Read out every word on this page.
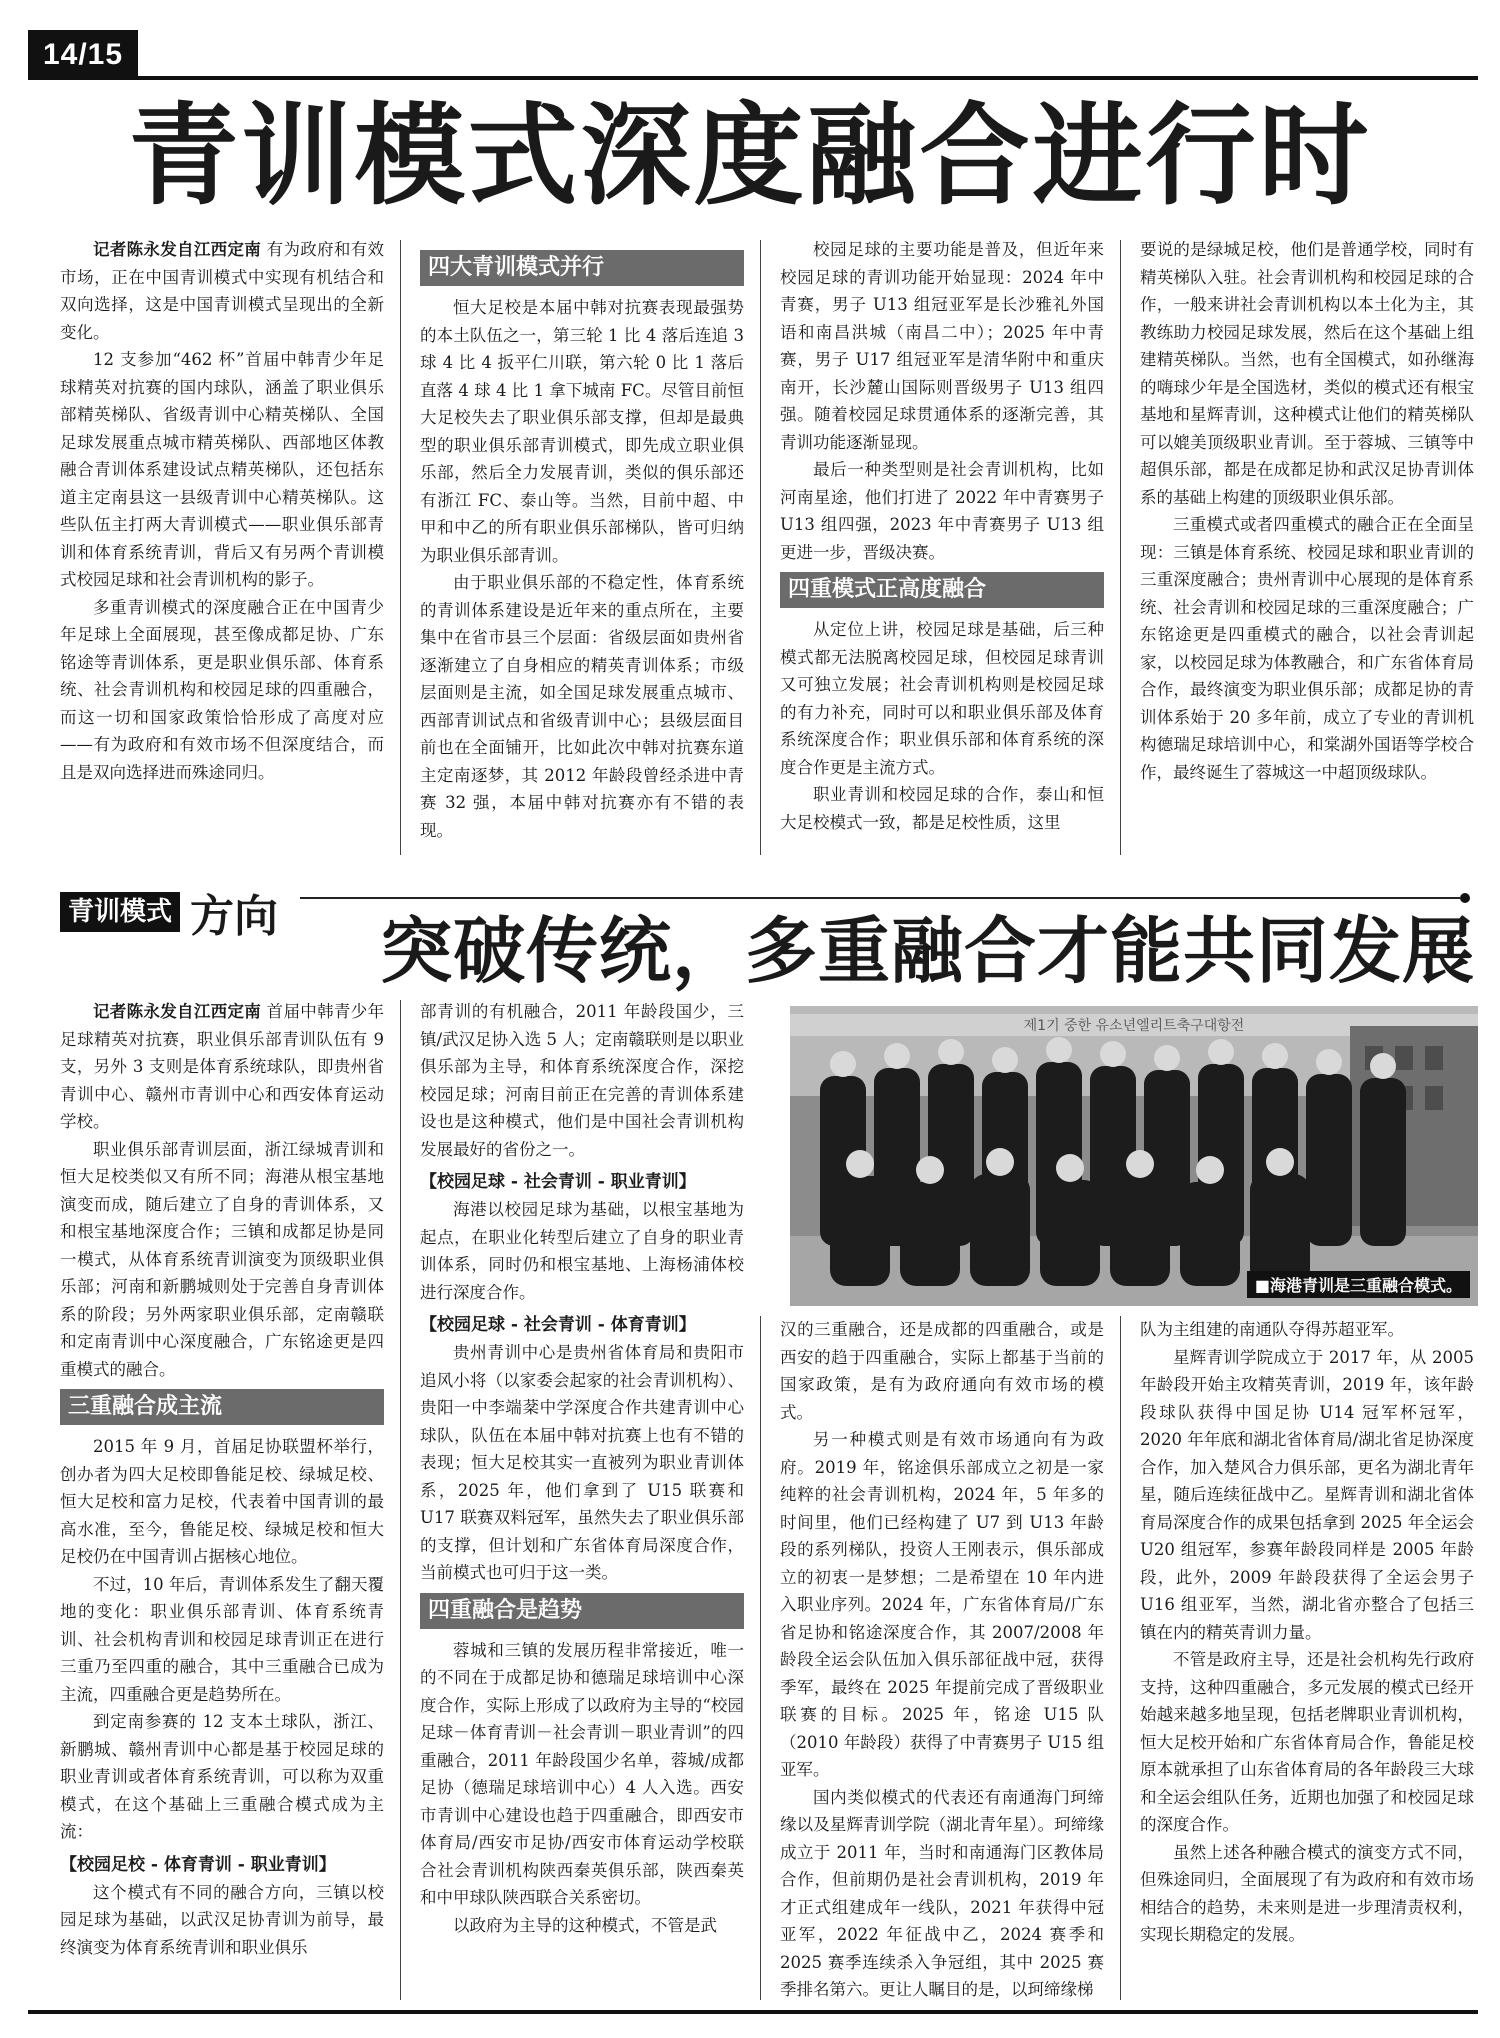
14/15
青训模式深度融合进行时

记者陈永发自江西定南 有为政府和有效市场，正在中国青训模式中实现有机结合和双向选择，这是中国青训模式呈现出的全新变化。

12 支参加“462 杯”首届中韩青少年足球精英对抗赛的国内球队，涵盖了职业俱乐部精英梯队、省级青训中心精英梯队、全国足球发展重点城市精英梯队、西部地区体教融合青训体系建设试点精英梯队，还包括东道主定南县这一县级青训中心精英梯队。这些队伍主打两大青训模式——职业俱乐部青训和体育系统青训，背后又有另两个青训模式校园足球和社会青训机构的影子。

多重青训模式的深度融合正在中国青少年足球上全面展现，甚至像成都足协、广东铭途等青训体系，更是职业俱乐部、体育系统、社会青训机构和校园足球的四重融合，而这一切和国家政策恰恰形成了高度对应——有为政府和有效市场不但深度结合，而且是双向选择进而殊途同归。

四大青训模式并行

恒大足校是本届中韩对抗赛表现最强势的本土队伍之一，第三轮 1 比 4 落后连追 3 球 4 比 4 扳平仁川联，第六轮 0 比 1 落后直落 4 球 4 比 1 拿下城南 FC。尽管目前恒大足校失去了职业俱乐部支撑，但却是最典型的职业俱乐部青训模式，即先成立职业俱乐部，然后全力发展青训，类似的俱乐部还有浙江 FC、泰山等。当然，目前中超、中甲和中乙的所有职业俱乐部梯队，皆可归纳为职业俱乐部青训。

由于职业俱乐部的不稳定性，体育系统的青训体系建设是近年来的重点所在，主要集中在省市县三个层面：省级层面如贵州省逐渐建立了自身相应的精英青训体系；市级层面则是主流，如全国足球发展重点城市、西部青训试点和省级青训中心；县级层面目前也在全面铺开，比如此次中韩对抗赛东道主定南逐梦，其 2012 年龄段曾经杀进中青赛 32 强，本届中韩对抗赛亦有不错的表现。

校园足球的主要功能是普及，但近年来校园足球的青训功能开始显现：2024 年中青赛，男子 U13 组冠亚军是长沙雅礼外国语和南昌洪城（南昌二中）；2025 年中青赛，男子 U17 组冠亚军是清华附中和重庆南开，长沙麓山国际则晋级男子 U13 组四强。随着校园足球贯通体系的逐渐完善，其青训功能逐渐显现。

最后一种类型则是社会青训机构，比如河南星途，他们打进了 2022 年中青赛男子 U13 组四强，2023 年中青赛男子 U13 组更进一步，晋级决赛。

四重模式正高度融合

从定位上讲，校园足球是基础，后三种模式都无法脱离校园足球，但校园足球青训又可独立发展；社会青训机构则是校园足球的有力补充，同时可以和职业俱乐部及体育系统深度合作；职业俱乐部和体育系统的深度合作更是主流方式。

职业青训和校园足球的合作，泰山和恒大足校模式一致，都是足校性质，这里

要说的是绿城足校，他们是普通学校，同时有精英梯队入驻。社会青训机构和校园足球的合作，一般来讲社会青训机构以本土化为主，其教练助力校园足球发展，然后在这个基础上组建精英梯队。当然，也有全国模式，如孙继海的嗨球少年是全国选材，类似的模式还有根宝基地和星辉青训，这种模式让他们的精英梯队可以媲美顶级职业青训。至于蓉城、三镇等中超俱乐部，都是在成都足协和武汉足协青训体系的基础上构建的顶级职业俱乐部。

三重模式或者四重模式的融合正在全面呈现：三镇是体育系统、校园足球和职业青训的三重深度融合；贵州青训中心展现的是体育系统、社会青训和校园足球的三重深度融合；广东铭途更是四重模式的融合，以社会青训起家，以校园足球为体教融合，和广东省体育局合作，最终演变为职业俱乐部；成都足协的青训体系始于 20 多年前，成立了专业的青训机构德瑞足球培训中心，和棠湖外国语等学校合作，最终诞生了蓉城这一中超顶级球队。

青训模式 方向 突破传统，多重融合才能共同发展

记者陈永发自江西定南 首届中韩青少年足球精英对抗赛，职业俱乐部青训队伍有 9 支，另外 3 支则是体育系统球队，即贵州省青训中心、赣州市青训中心和西安体育运动学校。

职业俱乐部青训层面，浙江绿城青训和恒大足校类似又有所不同；海港从根宝基地演变而成，随后建立了自身的青训体系，又和根宝基地深度合作；三镇和成都足协是同一模式，从体育系统青训演变为顶级职业俱乐部；河南和新鹏城则处于完善自身青训体系的阶段；另外两家职业俱乐部，定南赣联和定南青训中心深度融合，广东铭途更是四重模式的融合。

三重融合成主流

2015 年 9 月，首届足协联盟杯举行，创办者为四大足校即鲁能足校、绿城足校、恒大足校和富力足校，代表着中国青训的最高水准，至今，鲁能足校、绿城足校和恒大足校仍在中国青训占据核心地位。

不过，10 年后，青训体系发生了翻天覆地的变化：职业俱乐部青训、体育系统青训、社会机构青训和校园足球青训正在进行三重乃至四重的融合，其中三重融合已成为主流，四重融合更是趋势所在。

到定南参赛的 12 支本土球队，浙江、新鹏城、赣州青训中心都是基于校园足球的职业青训或者体育系统青训，可以称为双重模式，在这个基础上三重融合模式成为主流：

【校园足校 - 体育青训 - 职业青训】

这个模式有不同的融合方向，三镇以校园足球为基础，以武汉足协青训为前导，最终演变为体育系统青训和职业俱乐

部青训的有机融合，2011 年龄段国少，三镇/武汉足协入选 5 人；定南赣联则是以职业俱乐部为主导，和体育系统深度合作，深挖校园足球；河南目前正在完善的青训体系建设也是这种模式，他们是中国社会青训机构发展最好的省份之一。

【校园足球 - 社会青训 - 职业青训】

海港以校园足球为基础，以根宝基地为起点，在职业化转型后建立了自身的职业青训体系，同时仍和根宝基地、上海杨浦体校进行深度合作。

【校园足球 - 社会青训 - 体育青训】

贵州青训中心是贵州省体育局和贵阳市追风小将（以家委会起家的社会青训机构）、贵阳一中李端棻中学深度合作共建青训中心球队，队伍在本届中韩对抗赛上也有不错的表现；恒大足校其实一直被列为职业青训体系，2025 年，他们拿到了 U15 联赛和 U17 联赛双料冠军，虽然失去了职业俱乐部的支撑，但计划和广东省体育局深度合作，当前模式也可归于这一类。

四重融合是趋势

蓉城和三镇的发展历程非常接近，唯一的不同在于成都足协和德瑞足球培训中心深度合作，实际上形成了以政府为主导的“校园足球－体育青训－社会青训－职业青训”的四重融合，2011 年龄段国少名单，蓉城/成都足协（德瑞足球培训中心）4 人入选。西安市青训中心建设也趋于四重融合，即西安市体育局/西安市足协/西安市体育运动学校联合社会青训机构陕西秦英俱乐部，陕西秦英和中甲球队陕西联合关系密切。

以政府为主导的这种模式，不管是武

제1기 중한 유소년엘리트축구대항전
■海港青训是三重融合模式。

汉的三重融合，还是成都的四重融合，或是西安的趋于四重融合，实际上都基于当前的国家政策，是有为政府通向有效市场的模式。

另一种模式则是有效市场通向有为政府。2019 年，铭途俱乐部成立之初是一家纯粹的社会青训机构，2024 年，5 年多的时间里，他们已经构建了 U7 到 U13 年龄段的系列梯队，投资人王刚表示，俱乐部成立的初衷一是梦想；二是希望在 10 年内进入职业序列。2024 年，广东省体育局/广东省足协和铭途深度合作，其 2007/2008 年龄段全运会队伍加入俱乐部征战中冠，获得季军，最终在 2025 年提前完成了晋级职业联赛的目标。2025 年，铭途 U15 队（2010 年龄段）获得了中青赛男子 U15 组亚军。

国内类似模式的代表还有南通海门珂缔缘以及星辉青训学院（湖北青年星）。珂缔缘成立于 2011 年，当时和南通海门区教体局合作，但前期仍是社会青训机构，2019 年才正式组建成年一线队，2021 年获得中冠亚军，2022 年征战中乙，2024 赛季和 2025 赛季连续杀入争冠组，其中 2025 赛季排名第六。更让人瞩目的是，以珂缔缘梯

队为主组建的南通队夺得苏超亚军。

星辉青训学院成立于 2017 年，从 2005 年龄段开始主攻精英青训，2019 年，该年龄段球队获得中国足协 U14 冠军杯冠军，2020 年年底和湖北省体育局/湖北省足协深度合作，加入楚风合力俱乐部，更名为湖北青年星，随后连续征战中乙。星辉青训和湖北省体育局深度合作的成果包括拿到 2025 年全运会 U20 组冠军，参赛年龄段同样是 2005 年龄段，此外，2009 年龄段获得了全运会男子 U16 组亚军，当然，湖北省亦整合了包括三镇在内的精英青训力量。

不管是政府主导，还是社会机构先行政府支持，这种四重融合，多元发展的模式已经开始越来越多地呈现，包括老牌职业青训机构，恒大足校开始和广东省体育局合作，鲁能足校原本就承担了山东省体育局的各年龄段三大球和全运会组队任务，近期也加强了和校园足球的深度合作。

虽然上述各种融合模式的演变方式不同，但殊途同归，全面展现了有为政府和有效市场相结合的趋势，未来则是进一步理清责权利，实现长期稳定的发展。
